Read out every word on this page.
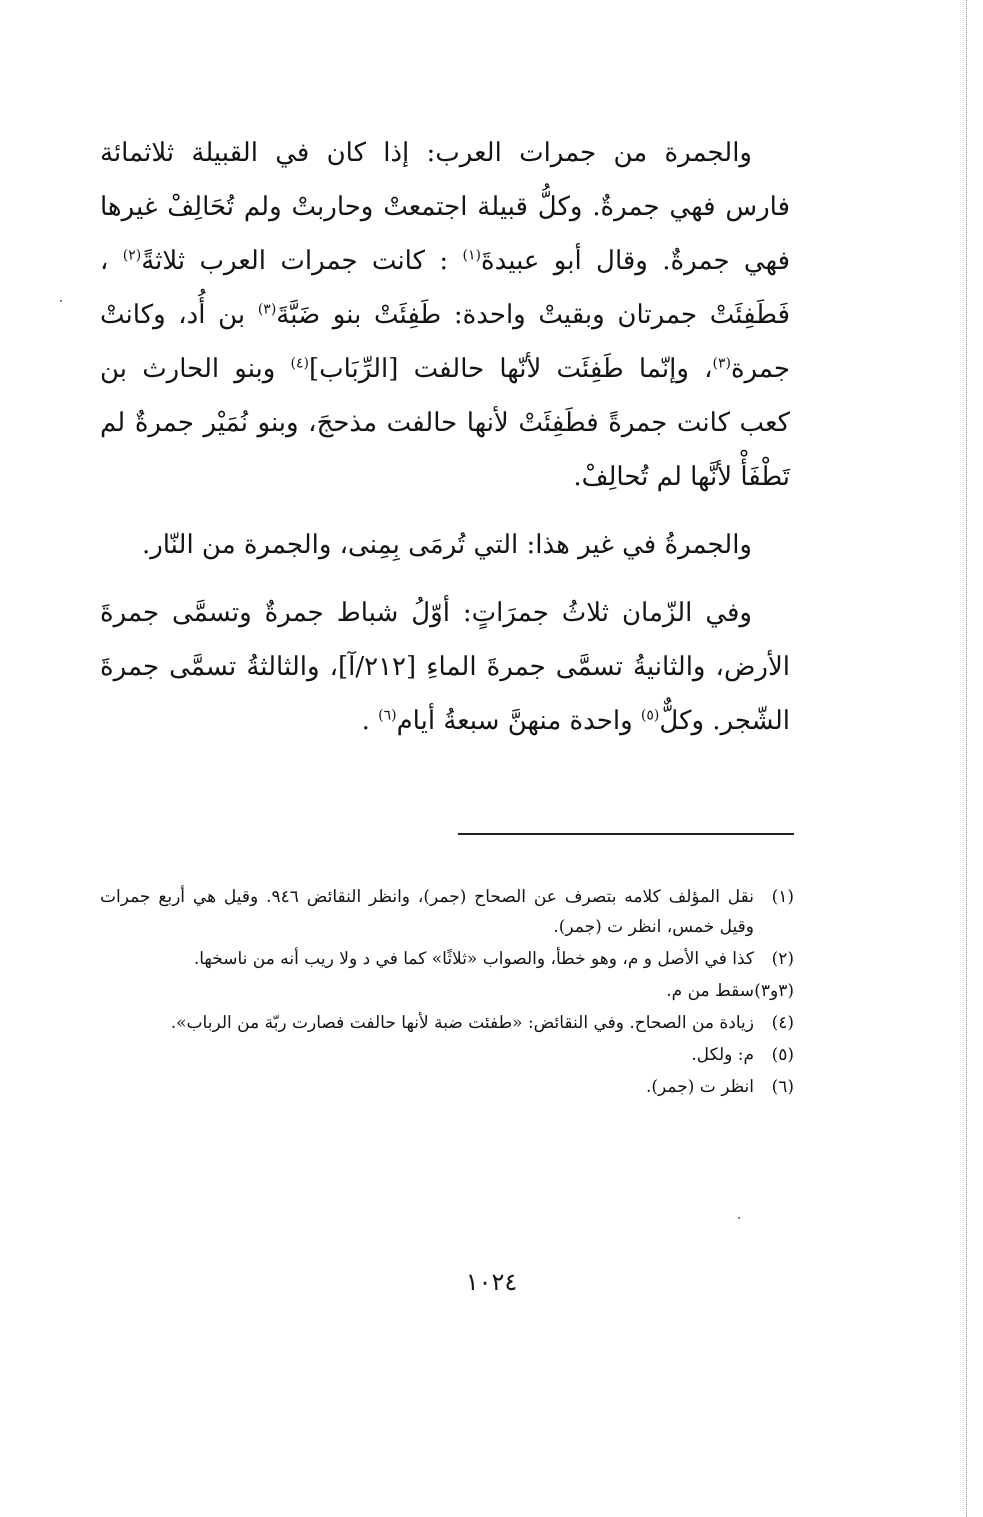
والجمرة من جمرات العرب: إذا كان في القبيلة ثلاثمائة فارس فهي جمرةٌ. وكلُّ قبيلة اجتمعتْ وحاربتْ ولم تُحَالِفْ غيرها فهي جمرةٌ. وقال أبو عبيدةَ$^{(١)}$ : كانت جمرات العرب ثلاثةً$^{(٢)}$ ، فَطَفِئَتْ جمرتان وبقيتْ واحدة: طَفِئَتْ بنو ضَبَّةَ$^{(٣)}$ بن أُد، وكانتْ جمرة$^{(٣)}$، وإنّما طَفِئَت لأنّها حالفت [الرِّبَاب]$^{(٤)}$ وبنو الحارث بن كعب كانت جمرةً فطَفِئَتْ لأنها حالفت مذحجَ، وبنو نُمَيْر جمرةٌ لم تَطْفَأْ لأنَّها لم تُحالِفْ.

والجمرةُ في غير هذا: التي تُرمَى بِمِنى، والجمرة من النّار.

وفي الزّمان ثلاثُ جمرَاتٍ: أوّلُ شباط جمرةٌ وتسمَّى جمرةَ الأرض، والثانيةُ تسمَّى جمرةَ الماءِ [٢١٢/آ]، والثالثةُ تسمَّى جمرةَ الشّجر. وكلٌّ$^{(٥)}$ واحدة منهنَّ سبعةُ أيام$^{(٦)}$ .

(١)
نقل المؤلف كلامه بتصرف عن الصحاح (جمر)، وانظر النقائض ٩٤٦. وقيل هي أربع جمرات وقيل خمس، انظر ت (جمر).
(٢)
كذا في الأصل و م، وهو خطأ، والصواب «ثلاثًا» كما في د ولا ريب أنه من ناسخها.
(٣و٣)
سقط من م.
(٤)
زيادة من الصحاح. وفي النقائض: «طفئت ضبة لأنها حالفت فصارت ربّة من الرباب».
(٥)
م: ولكل.
(٦)
انظر ت (جمر).
١٠٢٤
